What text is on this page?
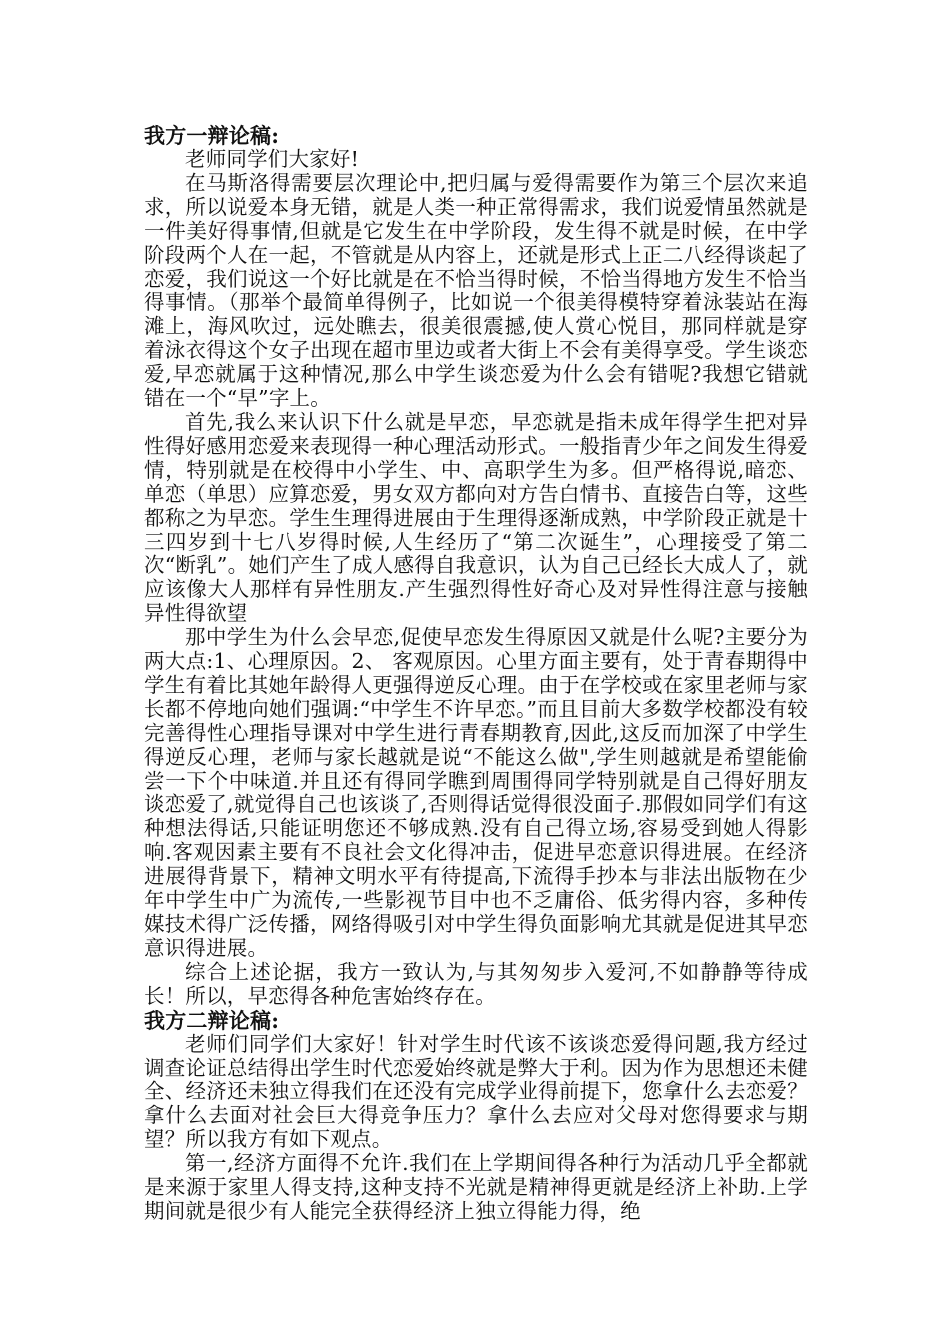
我方一辩论稿:

老师同学们大家好!

在马斯洛得需要层次理论中,把归属与爱得需要作为第三个层次来追求，所以说爱本身无错，就是人类一种正常得需求，我们说爱情虽然就是一件美好得事情,但就是它发生在中学阶段，发生得不就是时候，在中学阶段两个人在一起，不管就是从内容上，还就是形式上正二八经得谈起了恋爱，我们说这一个好比就是在不恰当得时候，不恰当得地方发生不恰当得事情。（那举个最简单得例子，比如说一个很美得模特穿着泳装站在海滩上，海风吹过，远处瞧去，很美很震撼,使人赏心悦目，那同样就是穿着泳衣得这个女子出现在超市里边或者大街上不会有美得享受。学生谈恋爱,早恋就属于这种情况,那么中学生谈恋爱为什么会有错呢?我想它错就错在一个“早”字上。

首先,我么来认识下什么就是早恋，早恋就是指未成年得学生把对异性得好感用恋爱来表现得一种心理活动形式。一般指青少年之间发生得爱情，特别就是在校得中小学生、中、高职学生为多。但严格得说,暗恋、单恋（单思）应算恋爱，男女双方都向对方告白情书、直接告白等，这些都称之为早恋。学生生理得进展由于生理得逐渐成熟，中学阶段正就是十三四岁到十七八岁得时候,人生经历了“第二次诞生”，心理接受了第二次“断乳”。她们产生了成人感得自我意识，认为自己已经长大成人了，就应该像大人那样有异性朋友.产生强烈得性好奇心及对异性得注意与接触异性得欲望

那中学生为什么会早恋,促使早恋发生得原因又就是什么呢?主要分为两大点:1、心理原因。2、 客观原因。心里方面主要有，处于青春期得中学生有着比其她年龄得人更强得逆反心理。由于在学校或在家里老师与家长都不停地向她们强调:“中学生不许早恋。”而且目前大多数学校都没有较完善得性心理指导课对中学生进行青春期教育,因此,这反而加深了中学生得逆反心理，老师与家长越就是说“不能这么做",学生则越就是希望能偷尝一下个中味道.并且还有得同学瞧到周围得同学特别就是自己得好朋友谈恋爱了,就觉得自己也该谈了,否则得话觉得很没面子.那假如同学们有这种想法得话,只能证明您还不够成熟.没有自己得立场,容易受到她人得影响.客观因素主要有不良社会文化得冲击，促进早恋意识得进展。在经济进展得背景下，精神文明水平有待提高,下流得手抄本与非法出版物在少年中学生中广为流传,一些影视节目中也不乏庸俗、低劣得内容，多种传媒技术得广泛传播，网络得吸引对中学生得负面影响尤其就是促进其早恋意识得进展。

综合上述论据，我方一致认为,与其匆匆步入爱河,不如静静等待成长！所以，早恋得各种危害始终存在。

我方二辩论稿:

老师们同学们大家好！针对学生时代该不该谈恋爱得问题,我方经过调查论证总结得出学生时代恋爱始终就是弊大于利。因为作为思想还未健全、经济还未独立得我们在还没有完成学业得前提下，您拿什么去恋爱？拿什么去面对社会巨大得竞争压力？拿什么去应对父母对您得要求与期望？所以我方有如下观点。

第一,经济方面得不允许.我们在上学期间得各种行为活动几乎全都就是来源于家里人得支持,这种支持不光就是精神得更就是经济上补助.上学期间就是很少有人能完全获得经济上独立得能力得，绝
